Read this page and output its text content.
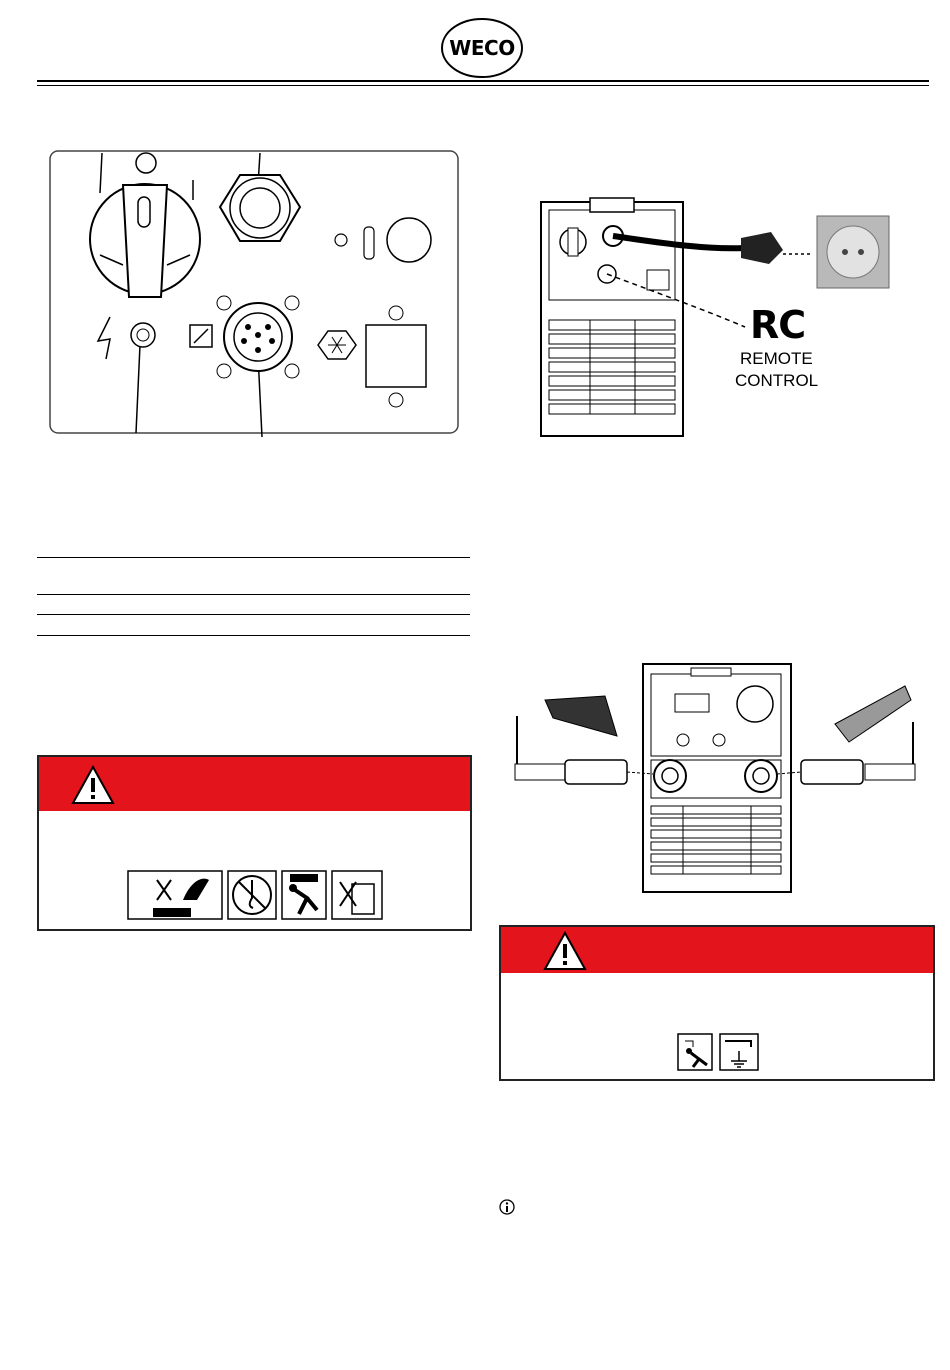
WECO
RC
REMOTE
CONTROL
